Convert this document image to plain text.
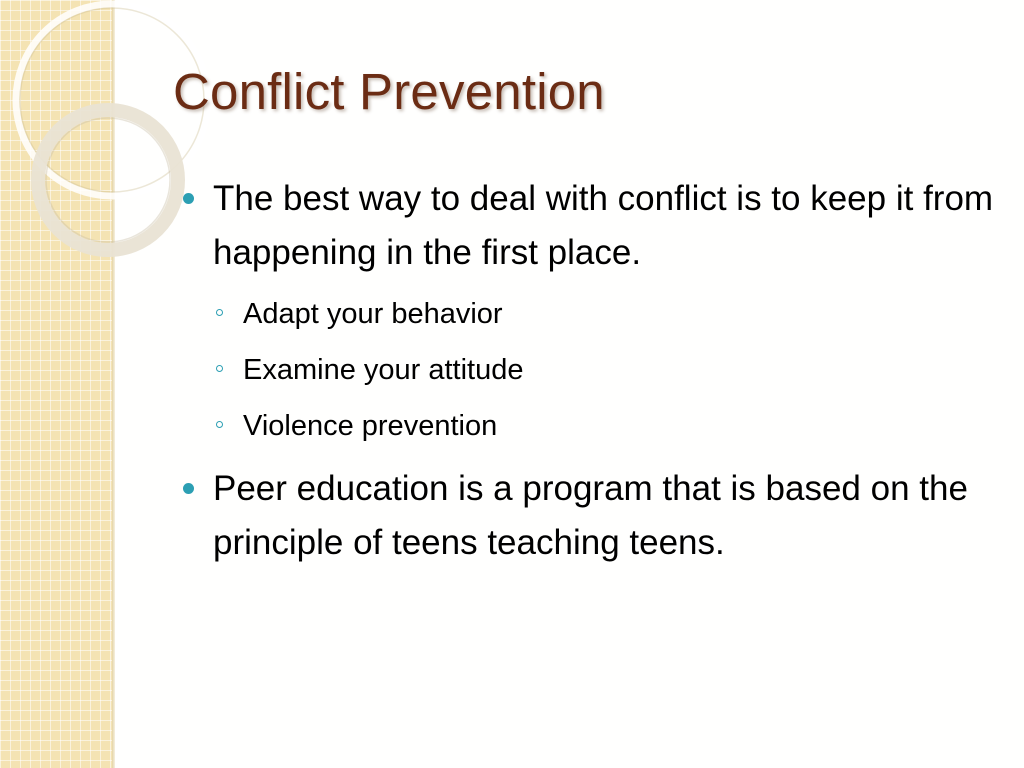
Conflict Prevention

The best way to deal with conflict is to keep it from happening in the first place.

Adapt your behavior

Examine your attitude

Violence prevention

Peer education is a program that is based on the principle of teens teaching teens.
